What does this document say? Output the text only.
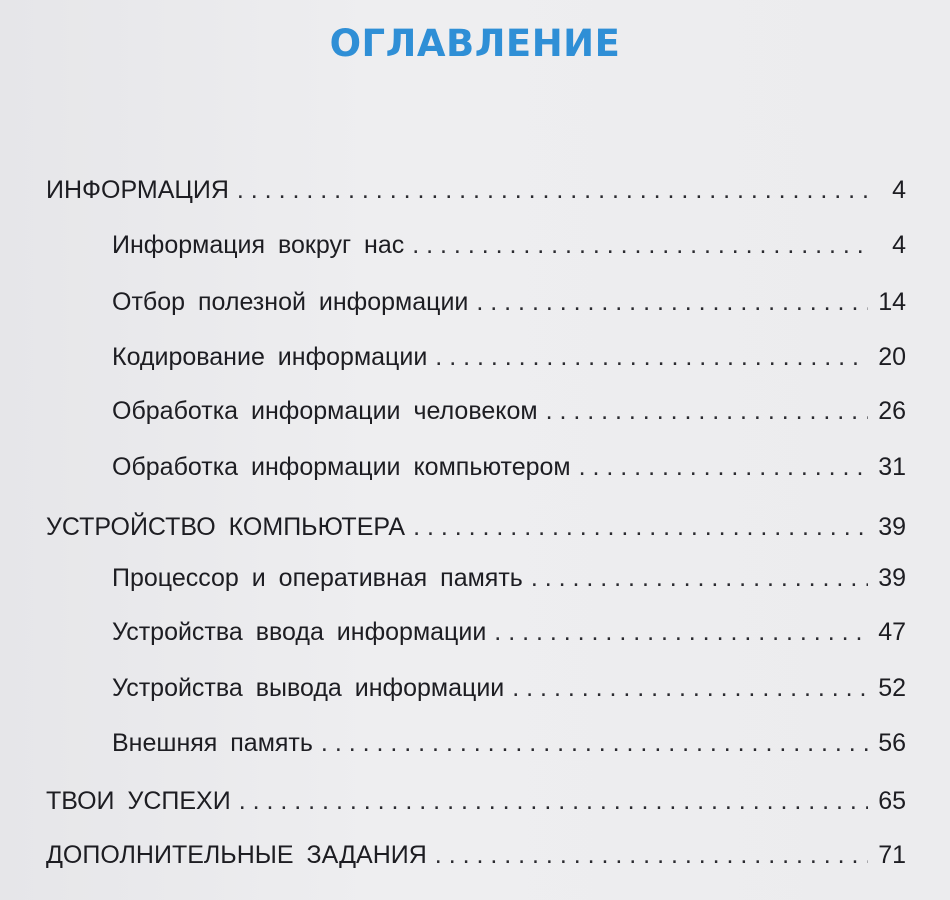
ОГЛАВЛЕНИЕ
ИНФОРМАЦИЯ . . .	4
Информация вокруг нас . . .	4
Отбор полезной информации . . .	14
Кодирование информации . . .	20
Обработка информации человеком . . .	26
Обработка информации компьютером . . .	31
УСТРОЙСТВО КОМПЬЮТЕРА . . .	39
Процессор и оперативная память . . .	39
Устройства ввода информации . . .	47
Устройства вывода информации . . .	52
Внешняя память . . .	56
ТВОИ УСПЕХИ . . .	65
ДОПОЛНИТЕЛЬНЫЕ ЗАДАНИЯ . . .	71
